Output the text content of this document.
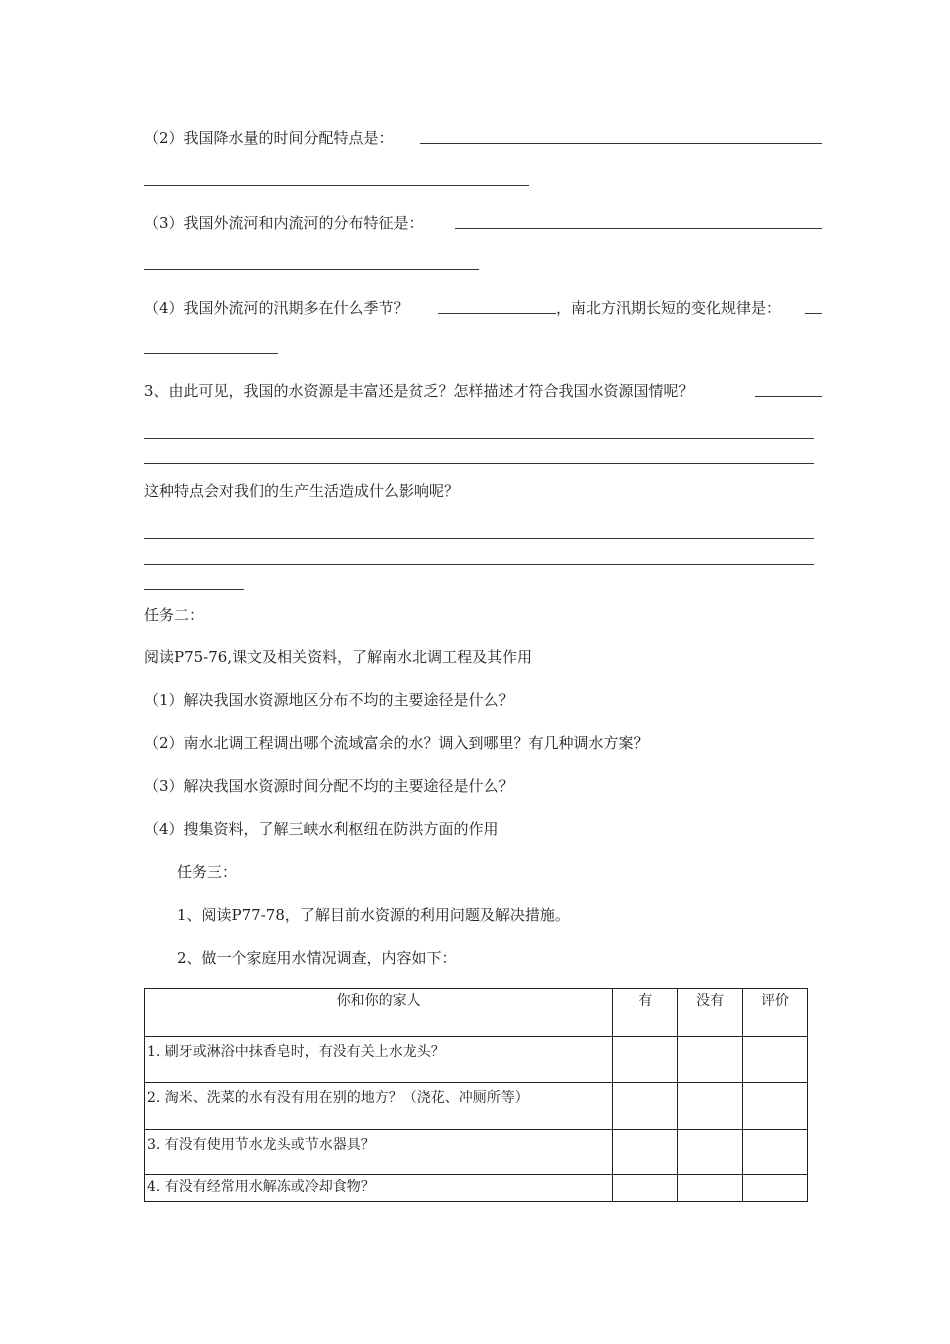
（2）我国降水量的时间分配特点是：
（3）我国外流河和内流河的分布特征是：
（4）我国外流河的汛期多在什么季节？	，南北方汛期长短的变化规律是：
3、由此可见，我国的水资源是丰富还是贫乏？怎样描述才符合我国水资源国情呢？
这种特点会对我们的生产生活造成什么影响呢？
任务二：
阅读P75-76,课文及相关资料，了解南水北调工程及其作用
（1）解决我国水资源地区分布不均的主要途径是什么？
（2）南水北调工程调出哪个流域富余的水？调入到哪里？有几种调水方案？
（3）解决我国水资源时间分配不均的主要途径是什么？
（4）搜集资料，了解三峡水利枢纽在防洪方面的作用
任务三：
1、阅读P77-78，了解目前水资源的利用问题及解决措施。
2、做一个家庭用水情况调查，内容如下：
你和你的家人	有	没有	评价
1. 刷牙或淋浴中抹香皂时，有没有关上水龙头？			
2. 淘米、洗菜的水有没有用在别的地方？（浇花、冲厕所等）			
3. 有没有使用节水龙头或节水器具？			
4. 有没有经常用水解冻或冷却食物？			
